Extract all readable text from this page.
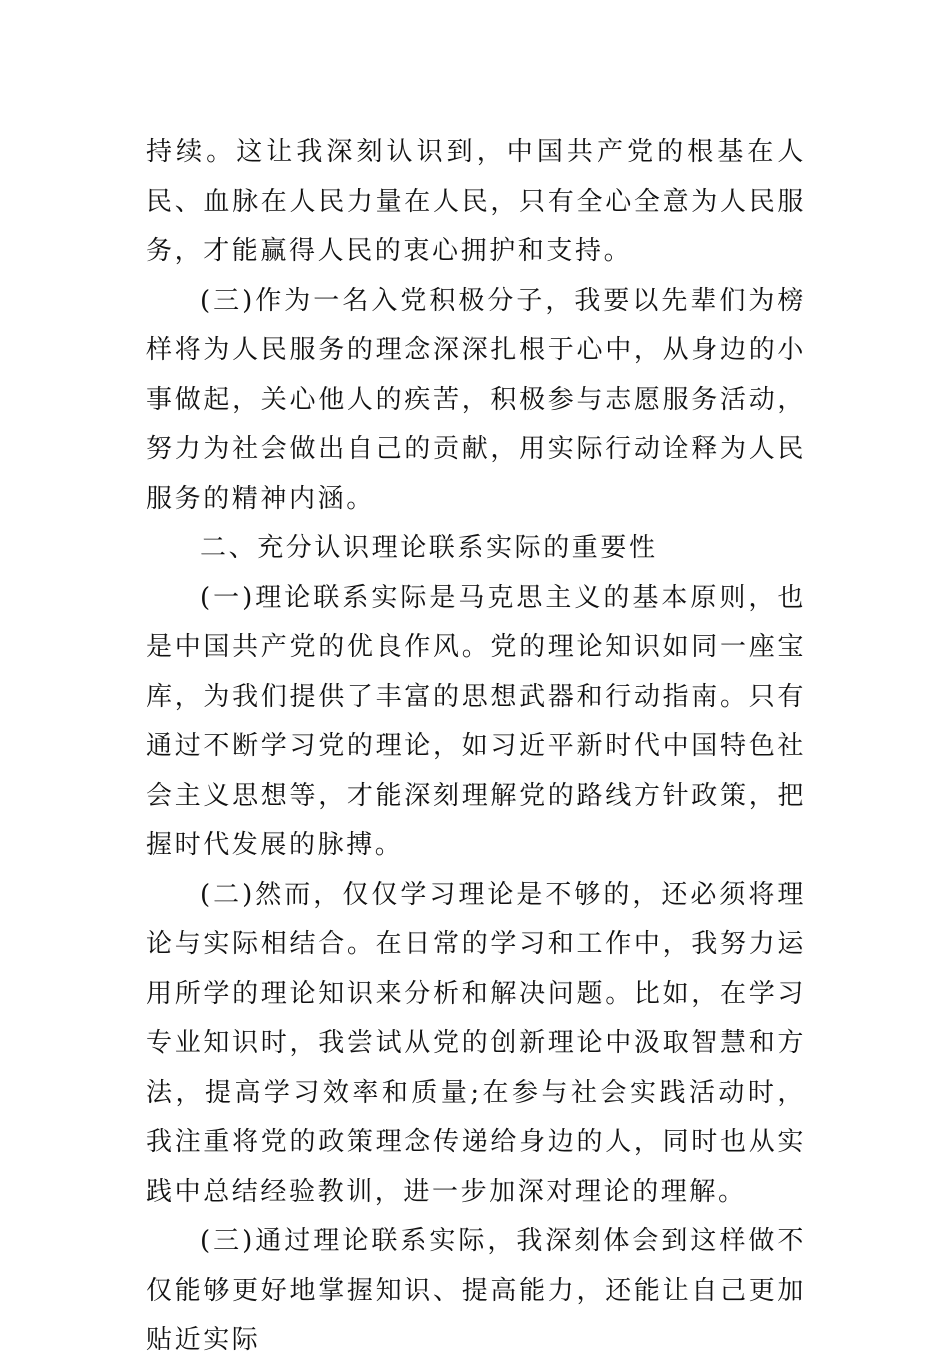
持续。这让我深刻认识到，中国共产党的根基在人民、血脉在人民力量在人民，只有全心全意为人民服务，才能赢得人民的衷心拥护和支持。

(三)作为一名入党积极分子，我要以先辈们为榜样将为人民服务的理念深深扎根于心中，从身边的小事做起，关心他人的疾苦，积极参与志愿服务活动，努力为社会做出自己的贡献，用实际行动诠释为人民服务的精神内涵。

二、充分认识理论联系实际的重要性

(一)理论联系实际是马克思主义的基本原则，也是中国共产党的优良作风。党的理论知识如同一座宝库，为我们提供了丰富的思想武器和行动指南。只有通过不断学习党的理论，如习近平新时代中国特色社会主义思想等，才能深刻理解党的路线方针政策，把握时代发展的脉搏。

(二)然而，仅仅学习理论是不够的，还必须将理论与实际相结合。在日常的学习和工作中，我努力运用所学的理论知识来分析和解决问题。比如，在学习专业知识时，我尝试从党的创新理论中汲取智慧和方法，提高学习效率和质量;在参与社会实践活动时，我注重将党的政策理念传递给身边的人，同时也从实践中总结经验教训，进一步加深对理论的理解。

(三)通过理论联系实际，我深刻体会到这样做不仅能够更好地掌握知识、提高能力，还能让自己更加贴近实际
